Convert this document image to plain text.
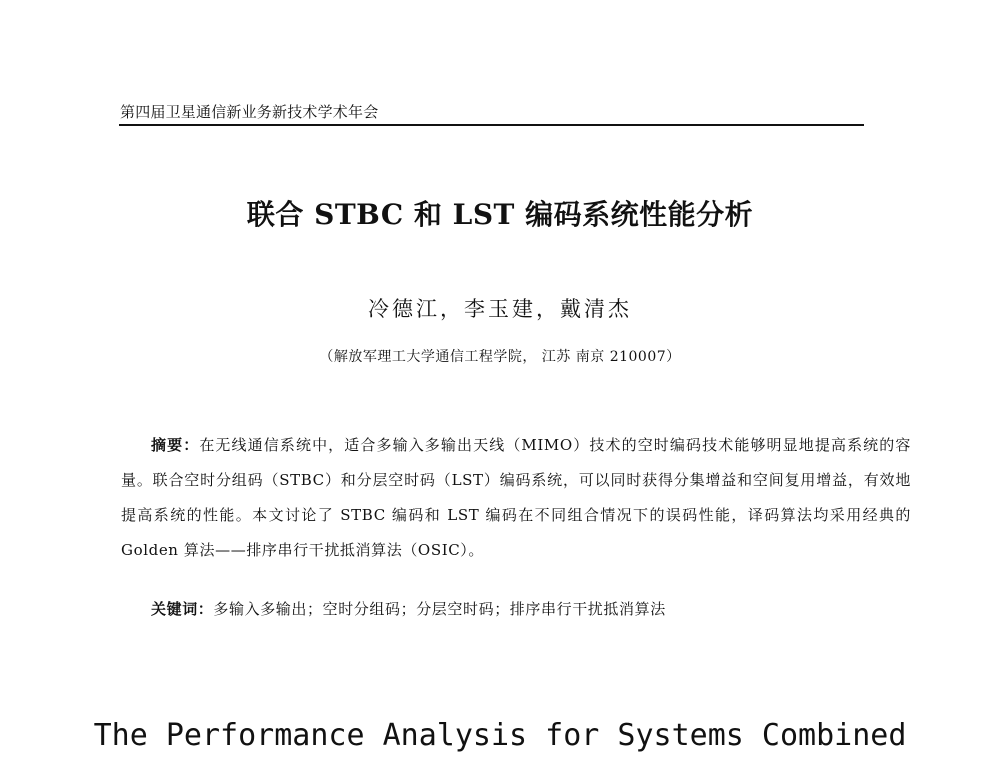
第四届卫星通信新业务新技术学术年会
联合 STBC 和 LST 编码系统性能分析
冷德江，李玉建，戴清杰
（解放军理工大学通信工程学院， 江苏 南京 210007）
摘要：在无线通信系统中，适合多输入多输出天线（MIMO）技术的空时编码技术能够明显地提高系统的容量。联合空时分组码（STBC）和分层空时码（LST）编码系统，可以同时获得分集增益和空间复用增益，有效地提高系统的性能。本文讨论了 STBC 编码和 LST 编码在不同组合情况下的误码性能，译码算法均采用经典的 Golden 算法——排序串行干扰抵消算法（OSIC）。
关键词：多输入多输出；空时分组码；分层空时码；排序串行干扰抵消算法
The Performance Analysis for Systems Combined
